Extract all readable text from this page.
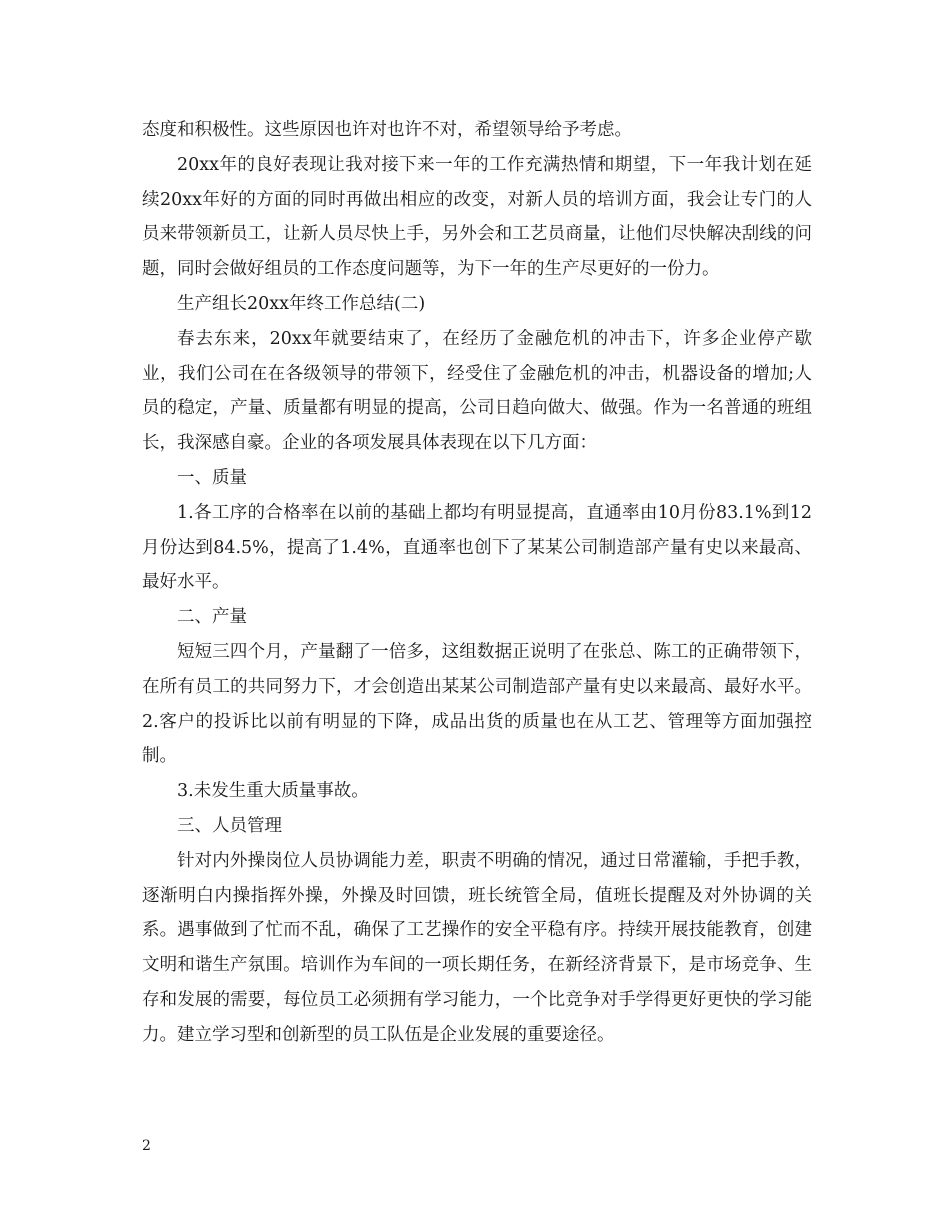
态度和积极性。这些原因也许对也许不对，希望领导给予考虑。

20xx年的良好表现让我对接下来一年的工作充满热情和期望，下一年我计划在延续20xx年好的方面的同时再做出相应的改变，对新人员的培训方面，我会让专门的人员来带领新员工，让新人员尽快上手，另外会和工艺员商量，让他们尽快解决刮线的问题，同时会做好组员的工作态度问题等，为下一年的生产尽更好的一份力。

生产组长20xx年终工作总结(二)

春去东来，20xx年就要结束了，在经历了金融危机的冲击下，许多企业停产歇业，我们公司在在各级领导的带领下，经受住了金融危机的冲击，机器设备的增加;人员的稳定，产量、质量都有明显的提高，公司日趋向做大、做强。作为一名普通的班组长，我深感自豪。企业的各项发展具体表现在以下几方面：

一、质量

1.各工序的合格率在以前的基础上都均有明显提高，直通率由10月份83.1%到12月份达到84.5%，提高了1.4%，直通率也创下了某某公司制造部产量有史以来最高、最好水平。

二、产量

短短三四个月，产量翻了一倍多，这组数据正说明了在张总、陈工的正确带领下，在所有员工的共同努力下，才会创造出某某公司制造部产量有史以来最高、最好水平。2.客户的投诉比以前有明显的下降，成品出货的质量也在从工艺、管理等方面加强控制。

3.未发生重大质量事故。

三、人员管理

针对内外操岗位人员协调能力差，职责不明确的情况，通过日常灌输，手把手教，逐渐明白内操指挥外操，外操及时回馈，班长统管全局，值班长提醒及对外协调的关系。遇事做到了忙而不乱，确保了工艺操作的安全平稳有序。持续开展技能教育，创建文明和谐生产氛围。培训作为车间的一项长期任务，在新经济背景下，是市场竞争、生存和发展的需要，每位员工必须拥有学习能力，一个比竞争对手学得更好更快的学习能力。建立学习型和创新型的员工队伍是企业发展的重要途径。

2
